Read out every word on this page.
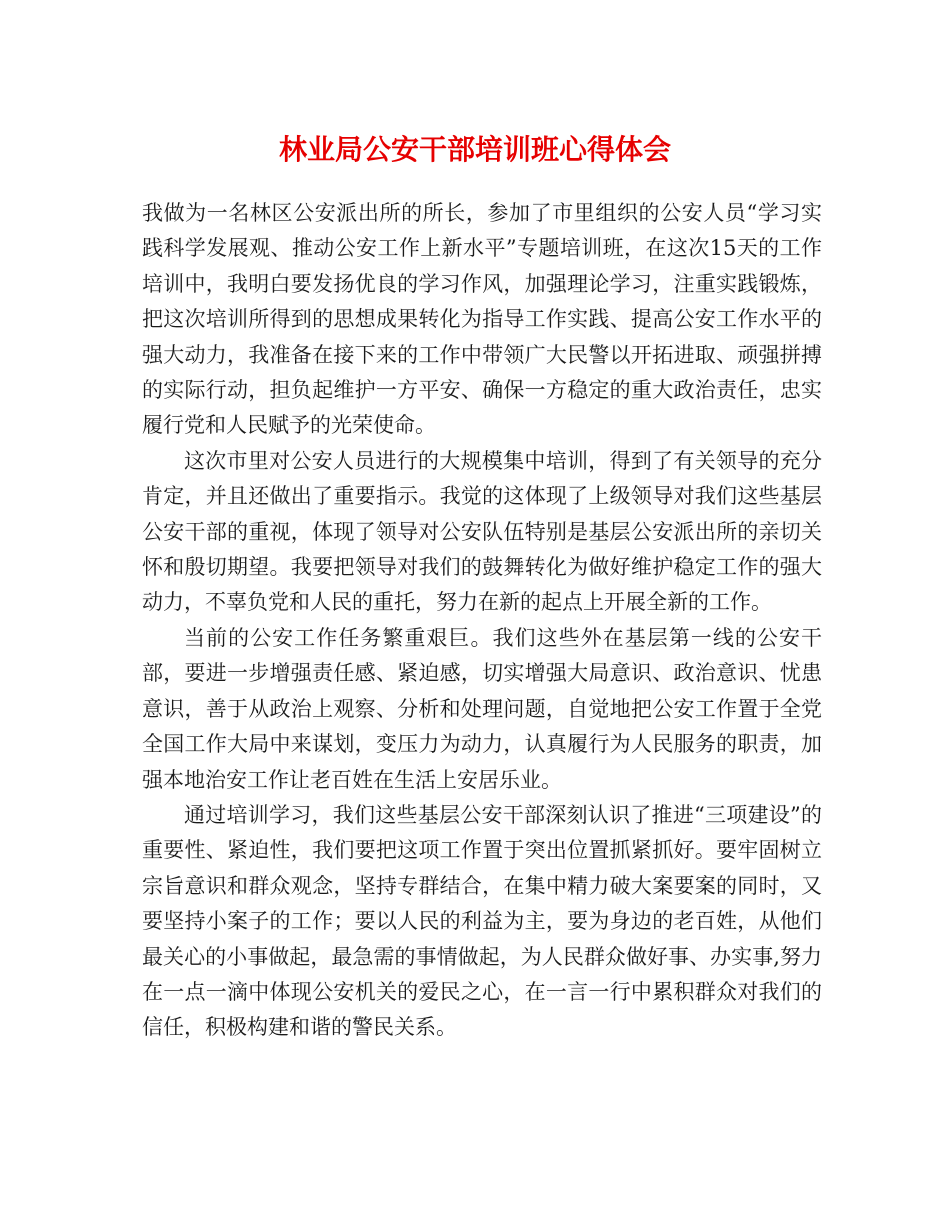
林业局公安干部培训班心得体会

我做为一名林区公安派出所的所长，参加了市里组织的公安人员“学习实践科学发展观、推动公安工作上新水平”专题培训班，在这次15天的工作培训中，我明白要发扬优良的学习作风，加强理论学习，注重实践锻炼，把这次培训所得到的思想成果转化为指导工作实践、提高公安工作水平的强大动力，我准备在接下来的工作中带领广大民警以开拓进取、顽强拼搏的实际行动，担负起维护一方平安、确保一方稳定的重大政治责任，忠实履行党和人民赋予的光荣使命。

这次市里对公安人员进行的大规模集中培训，得到了有关领导的充分肯定，并且还做出了重要指示。我觉的这体现了上级领导对我们这些基层公安干部的重视，体现了领导对公安队伍特别是基层公安派出所的亲切关怀和殷切期望。我要把领导对我们的鼓舞转化为做好维护稳定工作的强大动力，不辜负党和人民的重托，努力在新的起点上开展全新的工作。

当前的公安工作任务繁重艰巨。我们这些外在基层第一线的公安干部，要进一步增强责任感、紧迫感，切实增强大局意识、政治意识、忧患意识，善于从政治上观察、分析和处理问题，自觉地把公安工作置于全党全国工作大局中来谋划，变压力为动力，认真履行为人民服务的职责，加强本地治安工作让老百姓在生活上安居乐业。

通过培训学习，我们这些基层公安干部深刻认识了推进“三项建设”的重要性、紧迫性，我们要把这项工作置于突出位置抓紧抓好。要牢固树立宗旨意识和群众观念，坚持专群结合，在集中精力破大案要案的同时，又要坚持小案子的工作；要以人民的利益为主，要为身边的老百姓，从他们最关心的小事做起，最急需的事情做起，为人民群众做好事、办实事,努力在一点一滴中体现公安机关的爱民之心，在一言一行中累积群众对我们的信任，积极构建和谐的警民关系。
